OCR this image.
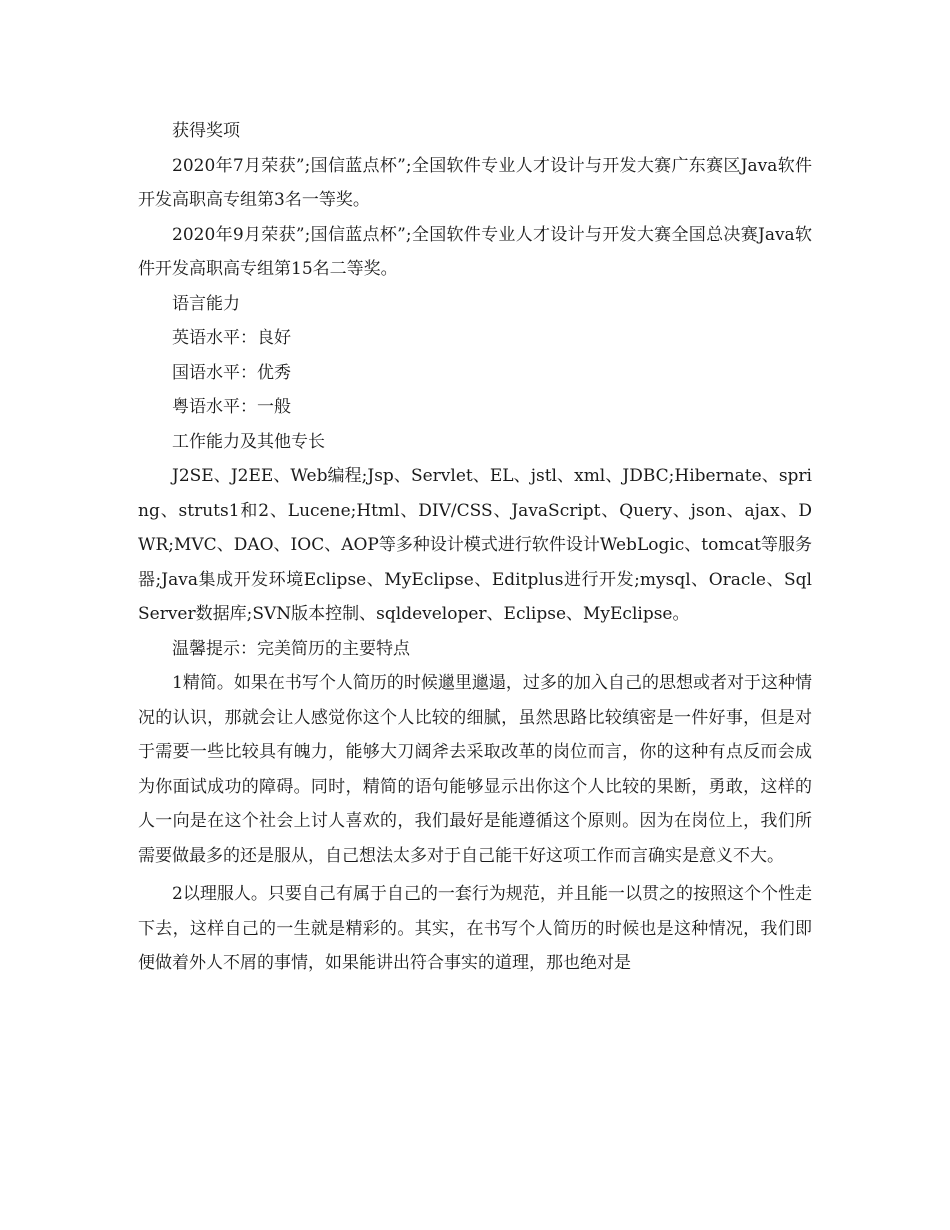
获得奖项

2020年7月荣获”;国信蓝点杯”;全国软件专业人才设计与开发大赛广东赛区Java软件开发高职高专组第3名一等奖。

2020年9月荣获”;国信蓝点杯”;全国软件专业人才设计与开发大赛全国总决赛Java软件开发高职高专组第15名二等奖。

语言能力

英语水平：良好

国语水平：优秀

粤语水平：一般

工作能力及其他专长

J2SE、J2EE、Web编程;Jsp、Servlet、EL、jstl、xml、JDBC;Hibernate、spring、struts1和2、Lucene;Html、DIV/CSS、JavaScript、Query、json、ajax、DWR;MVC、DAO、IOC、AOP等多种设计模式进行软件设计WebLogic、tomcat等服务器;Java集成开发环境Eclipse、MyEclipse、Editplus进行开发;mysql、Oracle、SqlServer数据库;SVN版本控制、sqldeveloper、Eclipse、MyEclipse。

温馨提示：完美简历的主要特点

1精简。如果在书写个人简历的时候邋里邋遢，过多的加入自己的思想或者对于这种情况的认识，那就会让人感觉你这个人比较的细腻，虽然思路比较缜密是一件好事，但是对于需要一些比较具有魄力，能够大刀阔斧去采取改革的岗位而言，你的这种有点反而会成为你面试成功的障碍。同时，精简的语句能够显示出你这个人比较的果断，勇敢，这样的人一向是在这个社会上讨人喜欢的，我们最好是能遵循这个原则。因为在岗位上，我们所需要做最多的还是服从，自己想法太多对于自己能干好这项工作而言确实是意义不大。

2以理服人。只要自己有属于自己的一套行为规范，并且能一以贯之的按照这个个性走下去，这样自己的一生就是精彩的。其实，在书写个人简历的时候也是这种情况，我们即便做着外人不屑的事情，如果能讲出符合事实的道理，那也绝对是
